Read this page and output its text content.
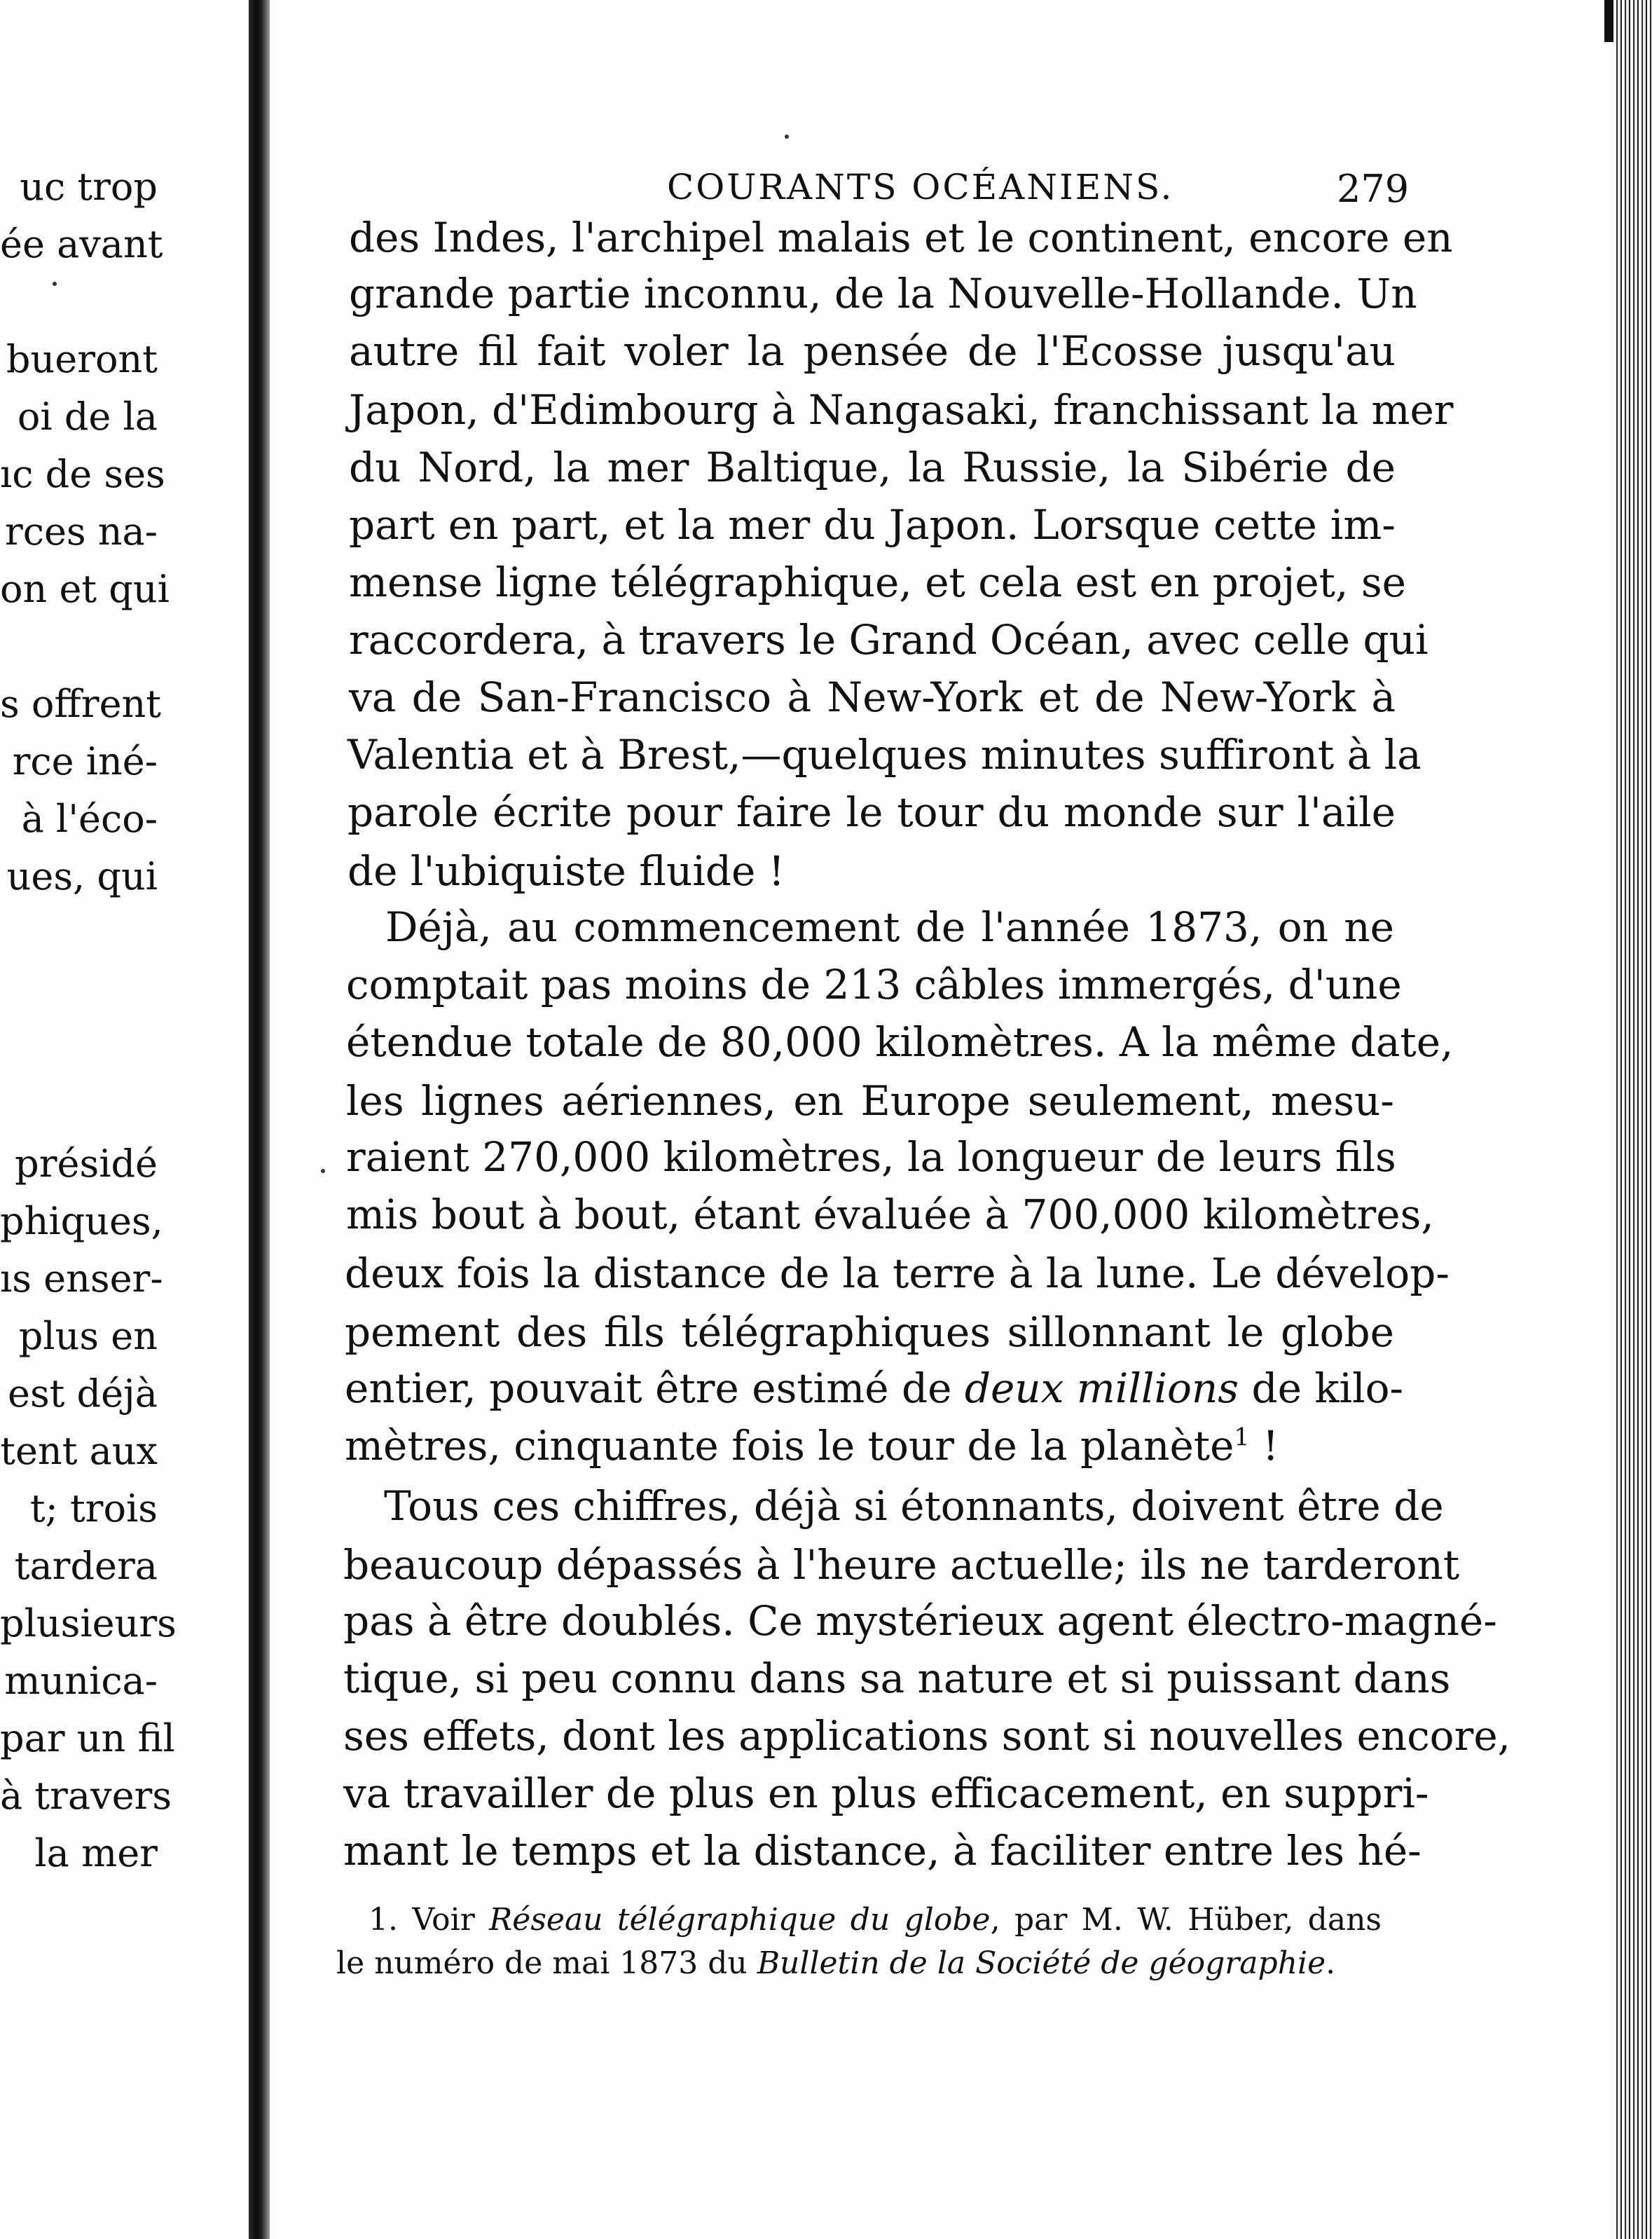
uc trop
ée avant
bueront
oi de la
ıc de ses
rces na-
on et qui
s offrent
rce iné-
à l'éco-
ues, qui
présidé
phiques,
ıs enser-
plus en
est déjà
tent aux
t; trois
tardera
plusieurs
munica-
par un fil
à travers
la mer
COURANTS OCÉANIENS.	279
des Indes, l'archipel malais et le continent, encore en
grande partie inconnu, de la Nouvelle-Hollande. Un
autre fil fait voler la pensée de l'Ecosse jusqu'au
Japon, d'Edimbourg à Nangasaki, franchissant la mer
du Nord, la mer Baltique, la Russie, la Sibérie de
part en part, et la mer du Japon. Lorsque cette im-
mense ligne télégraphique, et cela est en projet, se
raccordera, à travers le Grand Océan, avec celle qui
va de San-Francisco à New-York et de New-York à
Valentia et à Brest,—quelques minutes suffiront à la
parole écrite pour faire le tour du monde sur l'aile
de l'ubiquiste fluide !
Déjà, au commencement de l'année 1873, on ne
comptait pas moins de 213 câbles immergés, d'une
étendue totale de 80,000 kilomètres. A la même date,
les lignes aériennes, en Europe seulement, mesu-
raient 270,000 kilomètres, la longueur de leurs fils
mis bout à bout, étant évaluée à 700,000 kilomètres,
deux fois la distance de la terre à la lune. Le dévelop-
pement des fils télégraphiques sillonnant le globe
entier, pouvait être estimé de deux millions de kilo-
mètres, cinquante fois le tour de la planète$^1$ !
Tous ces chiffres, déjà si étonnants, doivent être de
beaucoup dépassés à l'heure actuelle; ils ne tarderont
pas à être doublés. Ce mystérieux agent électro-magné-
tique, si peu connu dans sa nature et si puissant dans
ses effets, dont les applications sont si nouvelles encore,
va travailler de plus en plus efficacement, en suppri-
mant le temps et la distance, à faciliter entre les hé-
1. Voir Réseau télégraphique du globe, par M. W. Hüber, dans
le numéro de mai 1873 du Bulletin de la Société de géographie.
